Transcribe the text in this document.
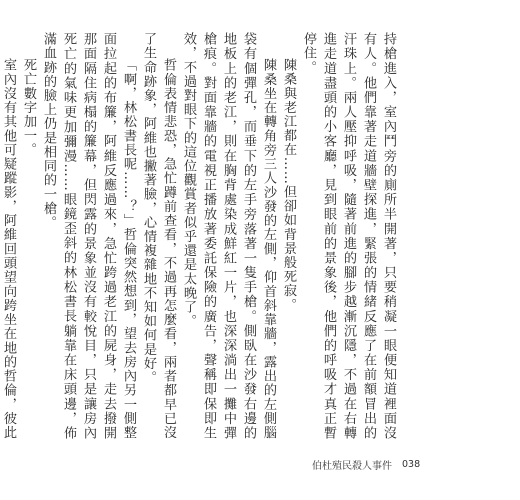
持槍進入，室內鬥旁的廁所半開著，只要稍凝一眼便知道裡面沒有人。他們靠著走道牆壁探進，緊張的情緒反應了在前額冒出的汗珠上。兩人壓抑呼吸，隨著前進的腳步越漸沉隱，不過在右轉進走道盡頭的小客廳，見到眼前的景象後，他們的呼吸才真正暫停住。

陳桑與老江都在……但卻如背景般死寂。

陳桑坐在轉角旁三人沙發的左側，仰首斜靠牆，露出的左側腦袋有個彈孔，而垂下的左手旁落著一隻手槍。側臥在沙發右邊的地板上的老江，則在胸背處染成鮮紅一片，也深深淌出一攤中彈槍痕。對面靠牆的電視正播放著委託保險的廣告，聲稱即保即生效，不過對眼下的這位觀賞者似乎還是太晚了。

哲倫表情悲恐，急忙蹲前查看，不過再怎麼看，兩者都早已沒了生命跡象，阿維也撇著臉，心情複雜地不知如何是好。

「啊，林松書長呢……？」哲倫突然想到，望去房內另一側整面拉起的布簾，阿維反應過來，急忙跨過老江的屍身，走去撥開那面隔住病榻的簾幕，但閃露的景象並沒有較悅目，只是讓房內死亡的氣味更加彌漫……眼鏡歪斜的林松書長躺靠在床頭邊，佈滿血跡的臉上仍是相同的一槍。

死亡數字加一。

室內沒有其他可疑蹤影，阿維回頭望向跨坐在地的哲倫，彼此

伯杜殖民殺人事件 038
